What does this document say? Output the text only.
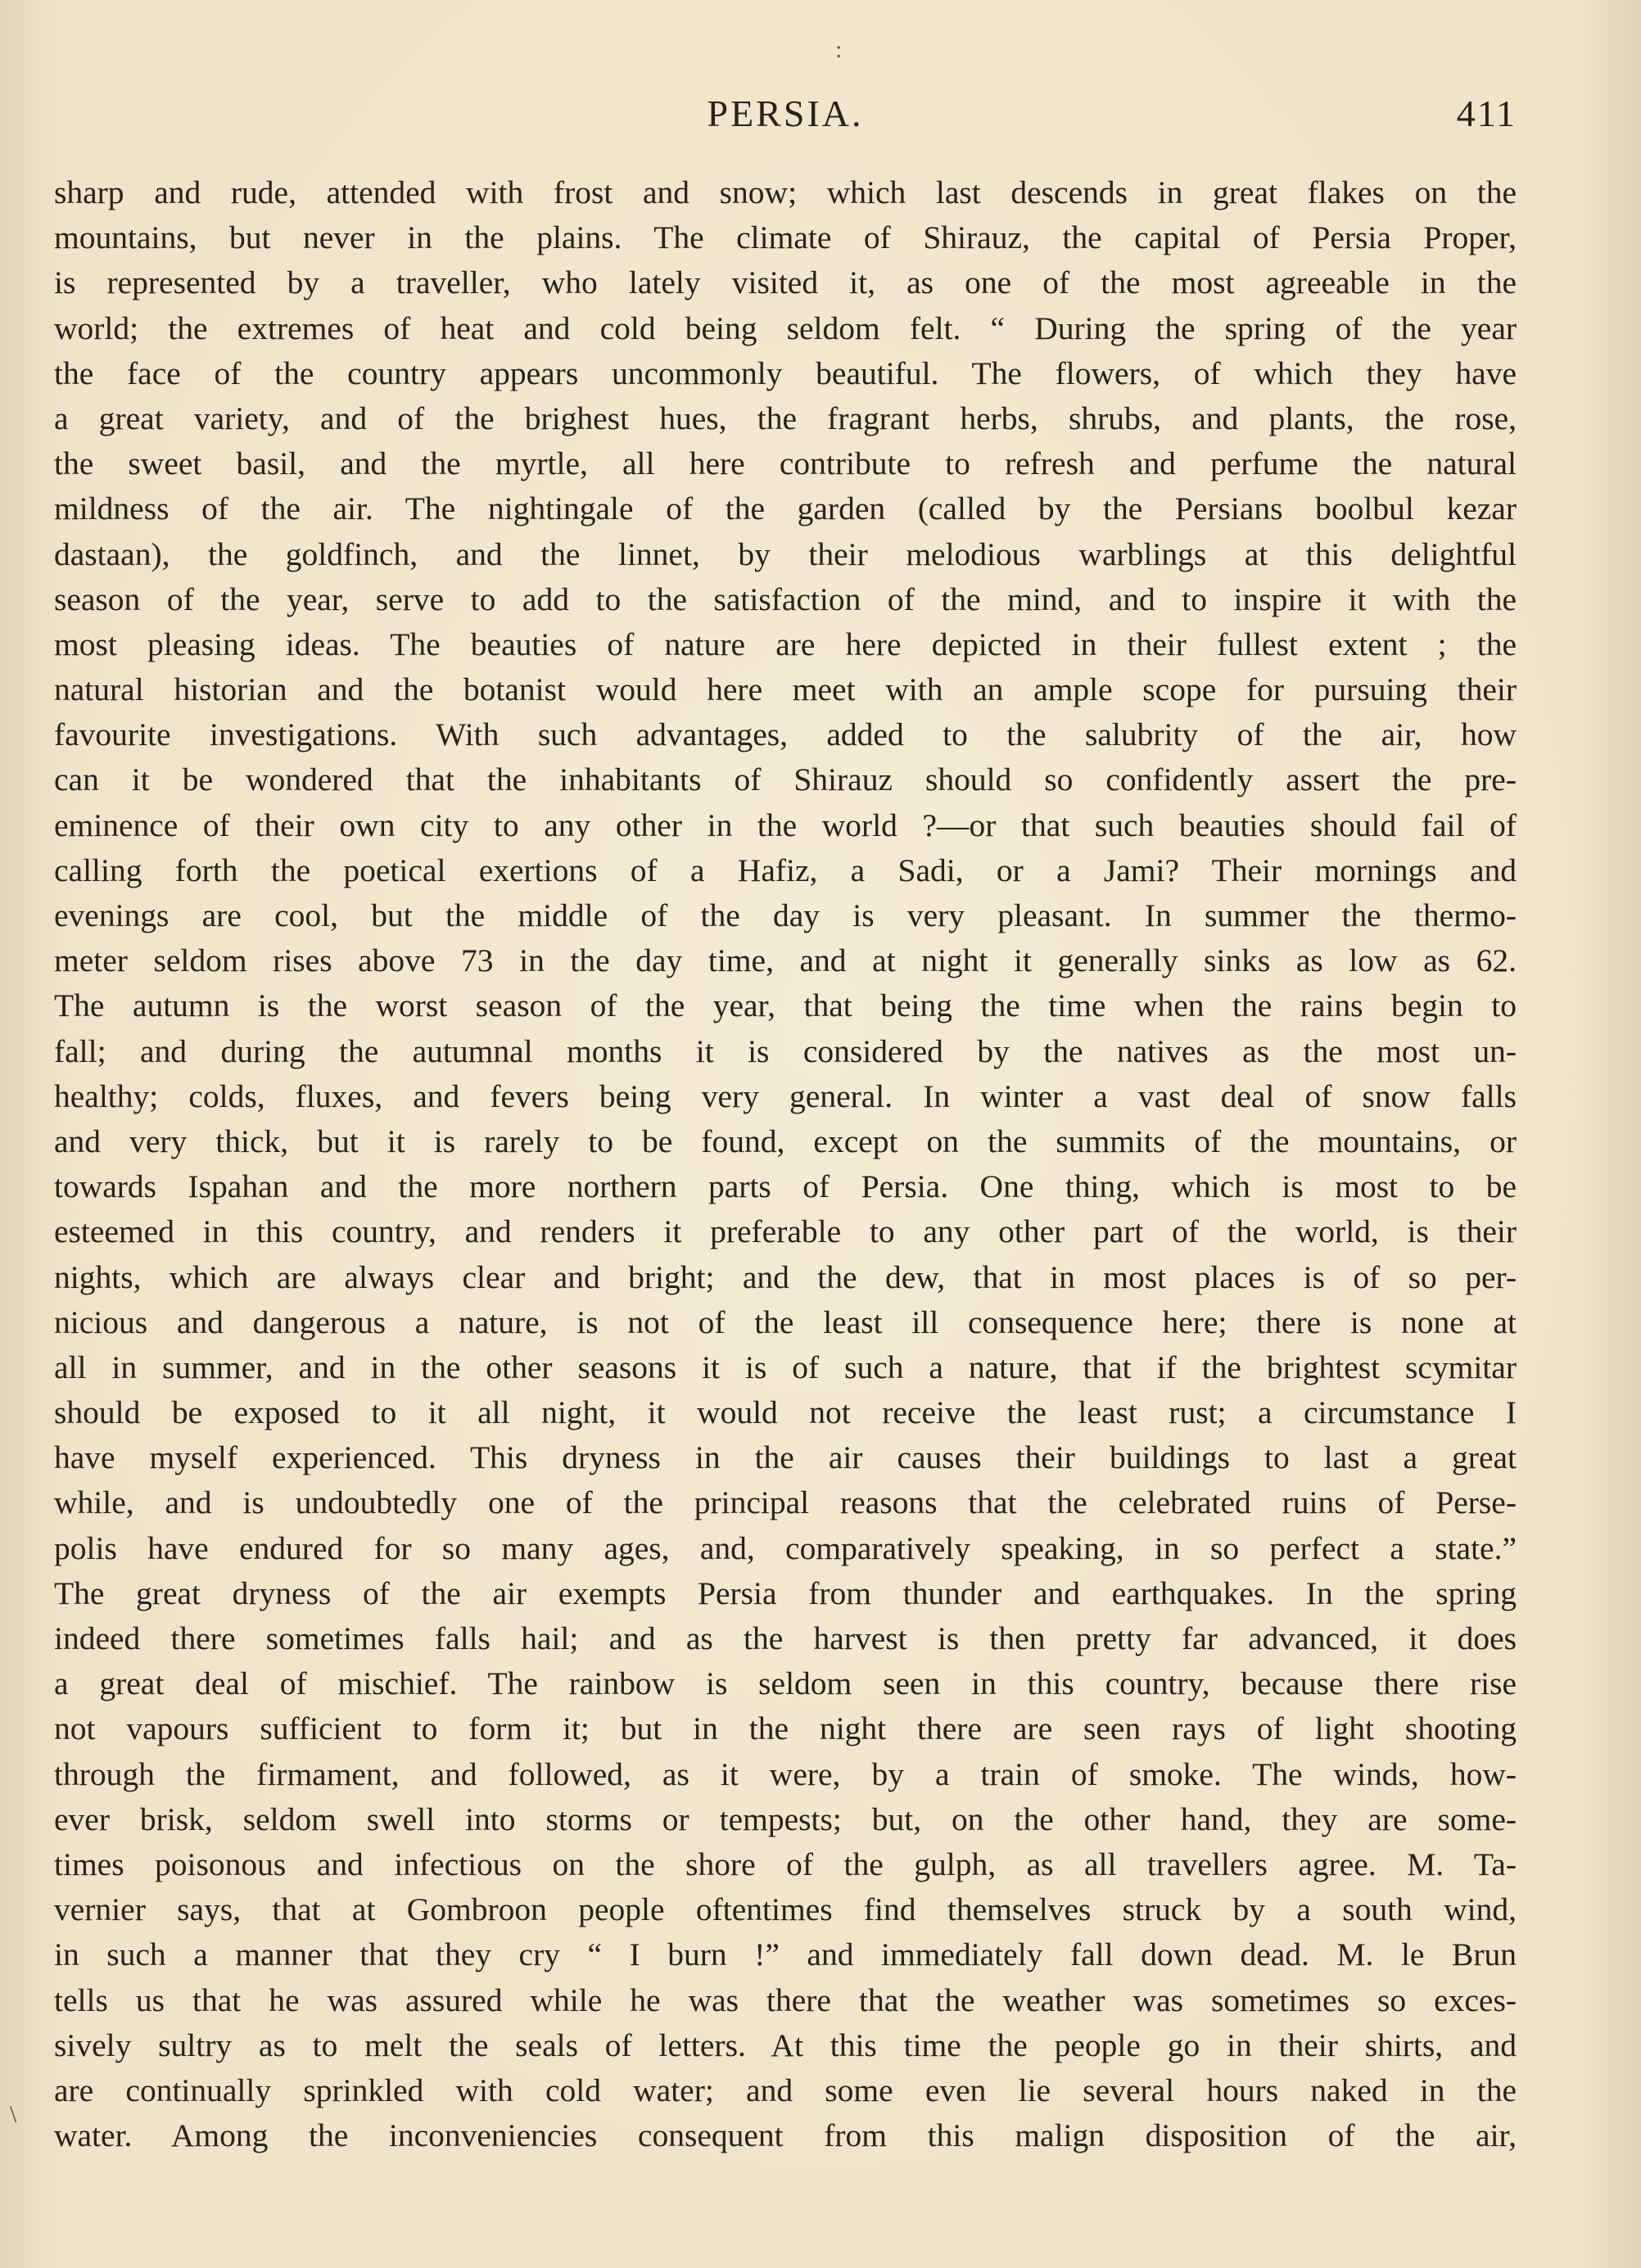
:
PERSIA.	411
sharp and rude, attended with frost and snow; which last descends in great flakes on the
mountains, but never in the plains. The climate of Shirauz, the capital of Persia Proper,
is represented by a traveller, who lately visited it, as one of the most agreeable in the
world; the extremes of heat and cold being seldom felt. “ During the spring of the year
the face of the country appears uncommonly beautiful. The flowers, of which they have
a great variety, and of the brighest hues, the fragrant herbs, shrubs, and plants, the rose,
the sweet basil, and the myrtle, all here contribute to refresh and perfume the natural
mildness of the air. The nightingale of the garden (called by the Persians boolbul kezar
dastaan), the goldfinch, and the linnet, by their melodious warblings at this delightful
season of the year, serve to add to the satisfaction of the mind, and to inspire it with the
most pleasing ideas. The beauties of nature are here depicted in their fullest extent ; the
natural historian and the botanist would here meet with an ample scope for pursuing their
favourite investigations. With such advantages, added to the salubrity of the air, how
can it be wondered that the inhabitants of Shirauz should so confidently assert the pre-
eminence of their own city to any other in the world ?—or that such beauties should fail of
calling forth the poetical exertions of a Hafiz, a Sadi, or a Jami? Their mornings and
evenings are cool, but the middle of the day is very pleasant. In summer the thermo-
meter seldom rises above 73 in the day time, and at night it generally sinks as low as 62.
The autumn is the worst season of the year, that being the time when the rains begin to
fall; and during the autumnal months it is considered by the natives as the most un-
healthy; colds, fluxes, and fevers being very general. In winter a vast deal of snow falls
and very thick, but it is rarely to be found, except on the summits of the mountains, or
towards Ispahan and the more northern parts of Persia. One thing, which is most to be
esteemed in this country, and renders it preferable to any other part of the world, is their
nights, which are always clear and bright; and the dew, that in most places is of so per-
nicious and dangerous a nature, is not of the least ill consequence here; there is none at
all in summer, and in the other seasons it is of such a nature, that if the brightest scymitar
should be exposed to it all night, it would not receive the least rust; a circumstance I
have myself experienced. This dryness in the air causes their buildings to last a great
while, and is undoubtedly one of the principal reasons that the celebrated ruins of Perse-
polis have endured for so many ages, and, comparatively speaking, in so perfect a state.”
The great dryness of the air exempts Persia from thunder and earthquakes. In the spring
indeed there sometimes falls hail; and as the harvest is then pretty far advanced, it does
a great deal of mischief. The rainbow is seldom seen in this country, because there rise
not vapours sufficient to form it; but in the night there are seen rays of light shooting
through the firmament, and followed, as it were, by a train of smoke. The winds, how-
ever brisk, seldom swell into storms or tempests; but, on the other hand, they are some-
times poisonous and infectious on the shore of the gulph, as all travellers agree. M. Ta-
vernier says, that at Gombroon people oftentimes find themselves struck by a south wind,
in such a manner that they cry “ I burn !” and immediately fall down dead. M. le Brun
tells us that he was assured while he was there that the weather was sometimes so exces-
sively sultry as to melt the seals of letters. At this time the people go in their shirts, and
are continually sprinkled with cold water; and some even lie several hours naked in the
water. Among the inconveniencies consequent from this malign disposition of the air,
\
